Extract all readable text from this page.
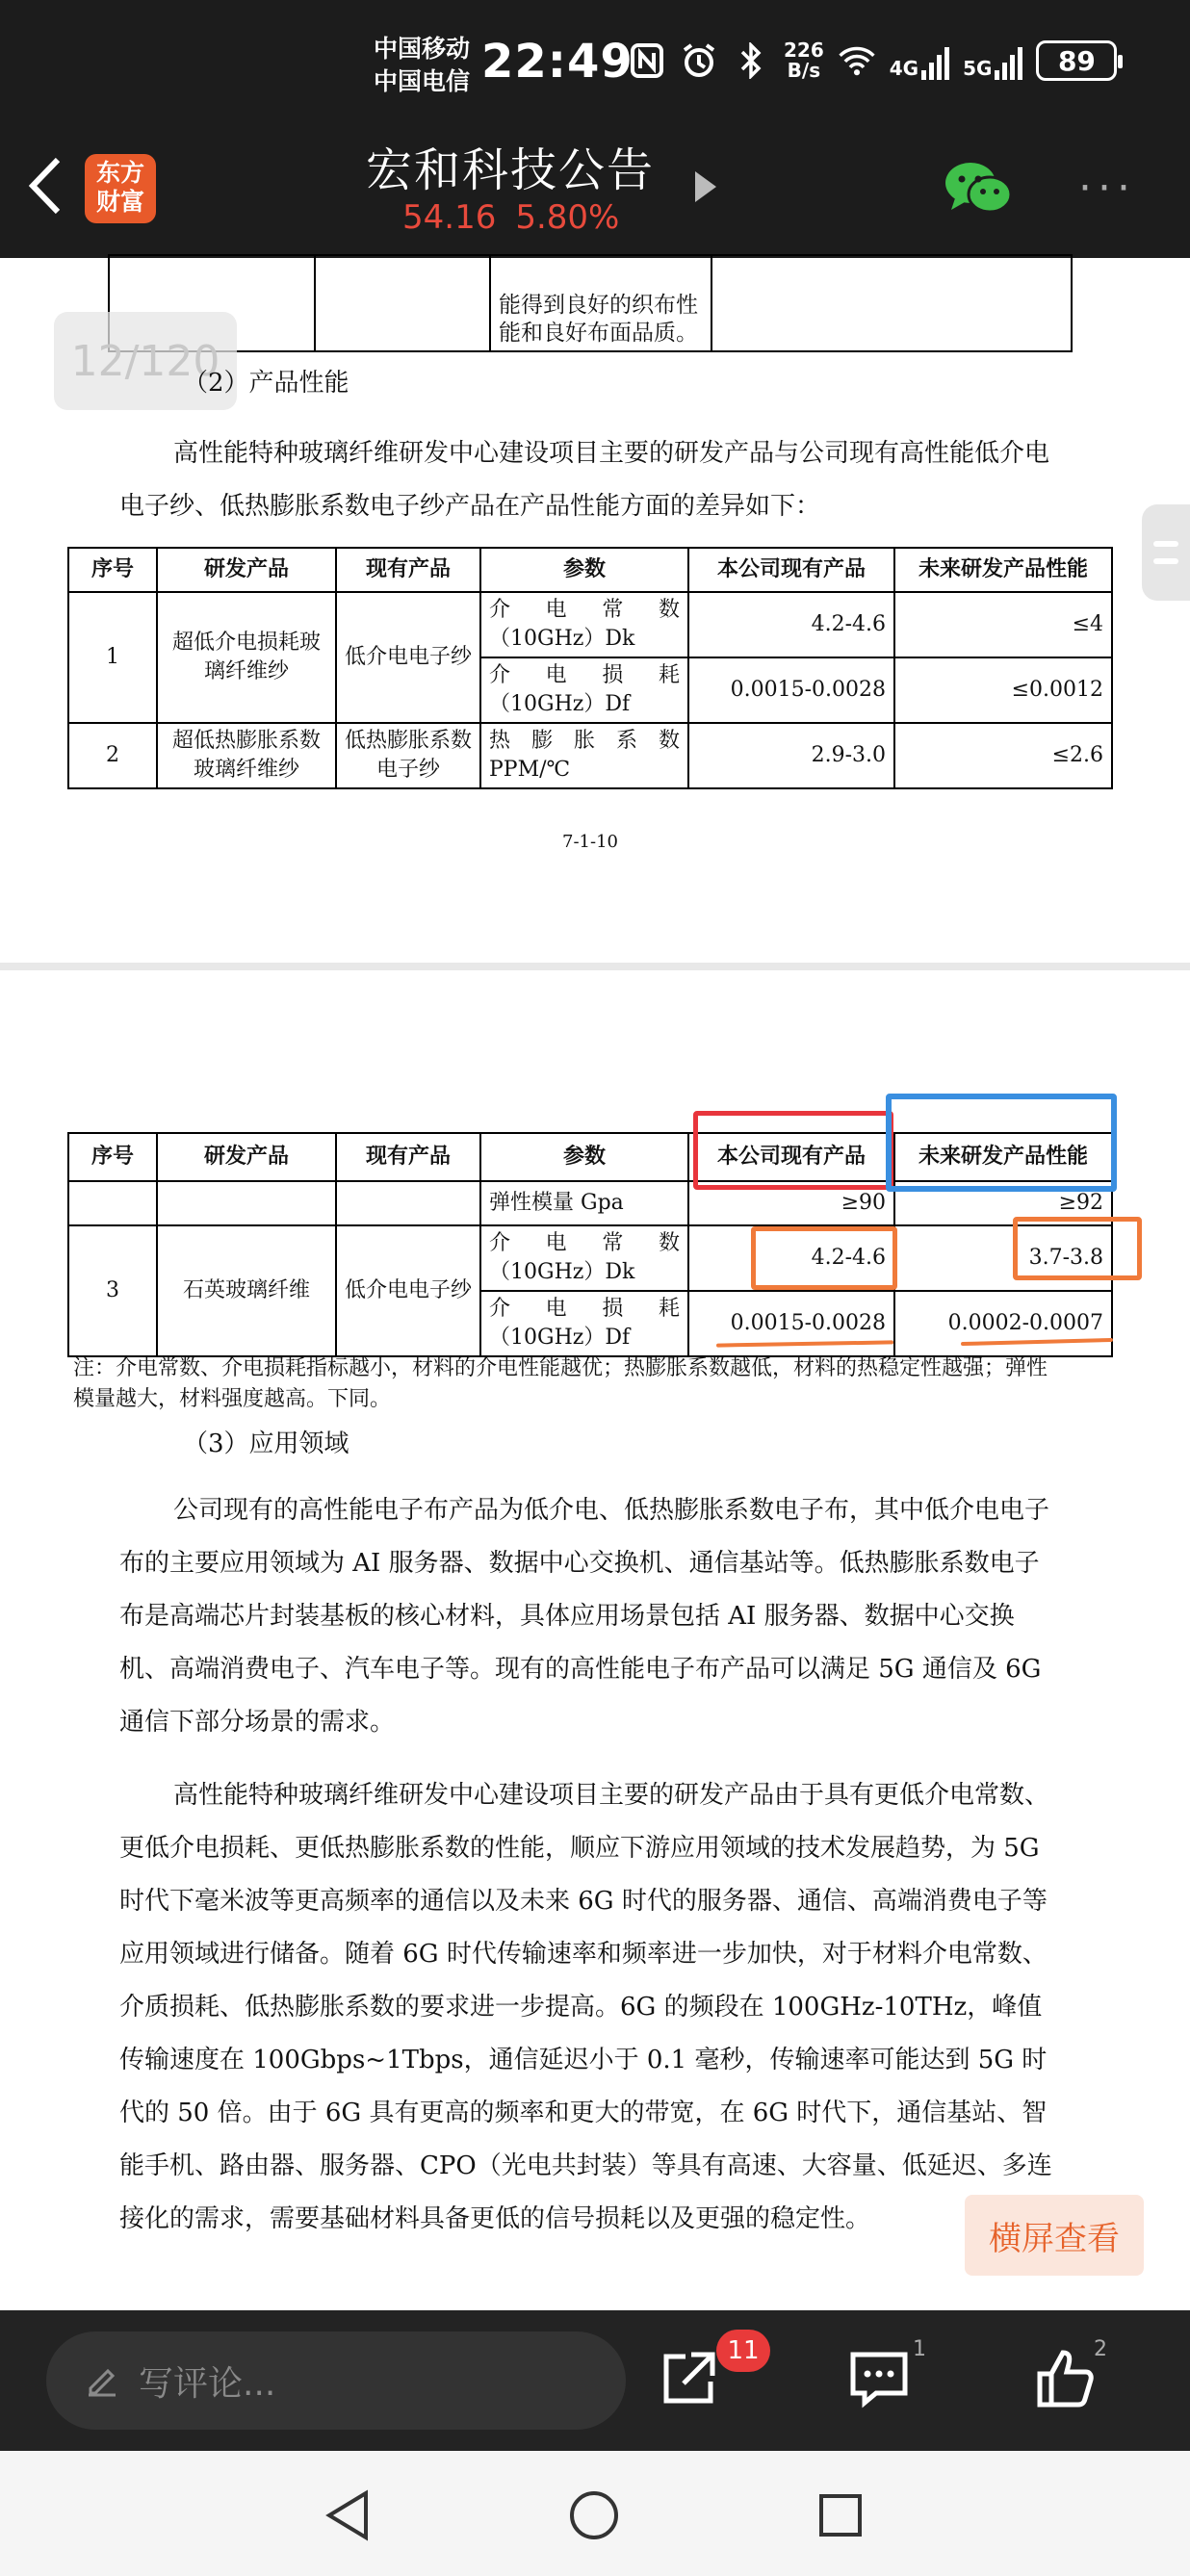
中国移动
中国电信 22:49	226
B/s	4G 5G 89
东方
财富
宏和科技公告
54.16 5.80%
···
		能得到良好的织布性能和良好布面品质。	
12/120
（2）产品性能
高性能特种玻璃纤维研发中心建设项目主要的研发产品与公司现有高性能低介电电子纱、低热膨胀系数电子纱产品在产品性能方面的差异如下：
序号	研发产品	现有产品	参数	本公司现有产品	未来研发产品性能
1	超低介电损耗玻璃纤维纱	低介电电子纱	介电常数
（10GHz）Dk	4.2-4.6	≤4

			介电损耗
（10GHz）Df	0.0015-0.0028	≤0.0012
2	超低热膨胀系数玻璃纤维纱	低热膨胀系数电子纱	热膨胀系数
PPM/℃	2.9-3.0	≤2.6
7-1-10
序号	研发产品	现有产品	参数	本公司现有产品	未来研发产品性能
			弹性模量 Gpa	≥90	≥92
3	石英玻璃纤维	低介电电子纱	介电常数
（10GHz）Dk	4.2-4.6	3.7-3.8

			介电损耗
（10GHz）Df	0.0015-0.0028	0.0002-0.0007
注：介电常数、介电损耗指标越小，材料的介电性能越优；热膨胀系数越低，材料的热稳定性越强；弹性模量越大，材料强度越高。下同。
（3）应用领域
公司现有的高性能电子布产品为低介电、低热膨胀系数电子布，其中低介电电子布的主要应用领域为 AI 服务器、数据中心交换机、通信基站等。低热膨胀系数电子布是高端芯片封装基板的核心材料，具体应用场景包括 AI 服务器、数据中心交换机、高端消费电子、汽车电子等。现有的高性能电子布产品可以满足 5G 通信及 6G 通信下部分场景的需求。
高性能特种玻璃纤维研发中心建设项目主要的研发产品由于具有更低介电常数、更低介电损耗、更低热膨胀系数的性能，顺应下游应用领域的技术发展趋势，为 5G 时代下毫米波等更高频率的通信以及未来 6G 时代的服务器、通信、高端消费电子等应用领域进行储备。随着 6G 时代传输速率和频率进一步加快，对于材料介电常数、介质损耗、低热膨胀系数的要求进一步提高。6G 的频段在 100GHz-10THz，峰值传输速度在 100Gbps~1Tbps，通信延迟小于 0.1 毫秒，传输速率可能达到 5G 时代的 50 倍。由于 6G 具有更高的频率和更大的带宽，在 6G 时代下，通信基站、智能手机、路由器、服务器、CPO（光电共封装）等具有高速、大容量、低延迟、多连接化的需求，需要基础材料具备更低的信号损耗以及更强的稳定性。
横屏查看
写评论...
11	1	2
